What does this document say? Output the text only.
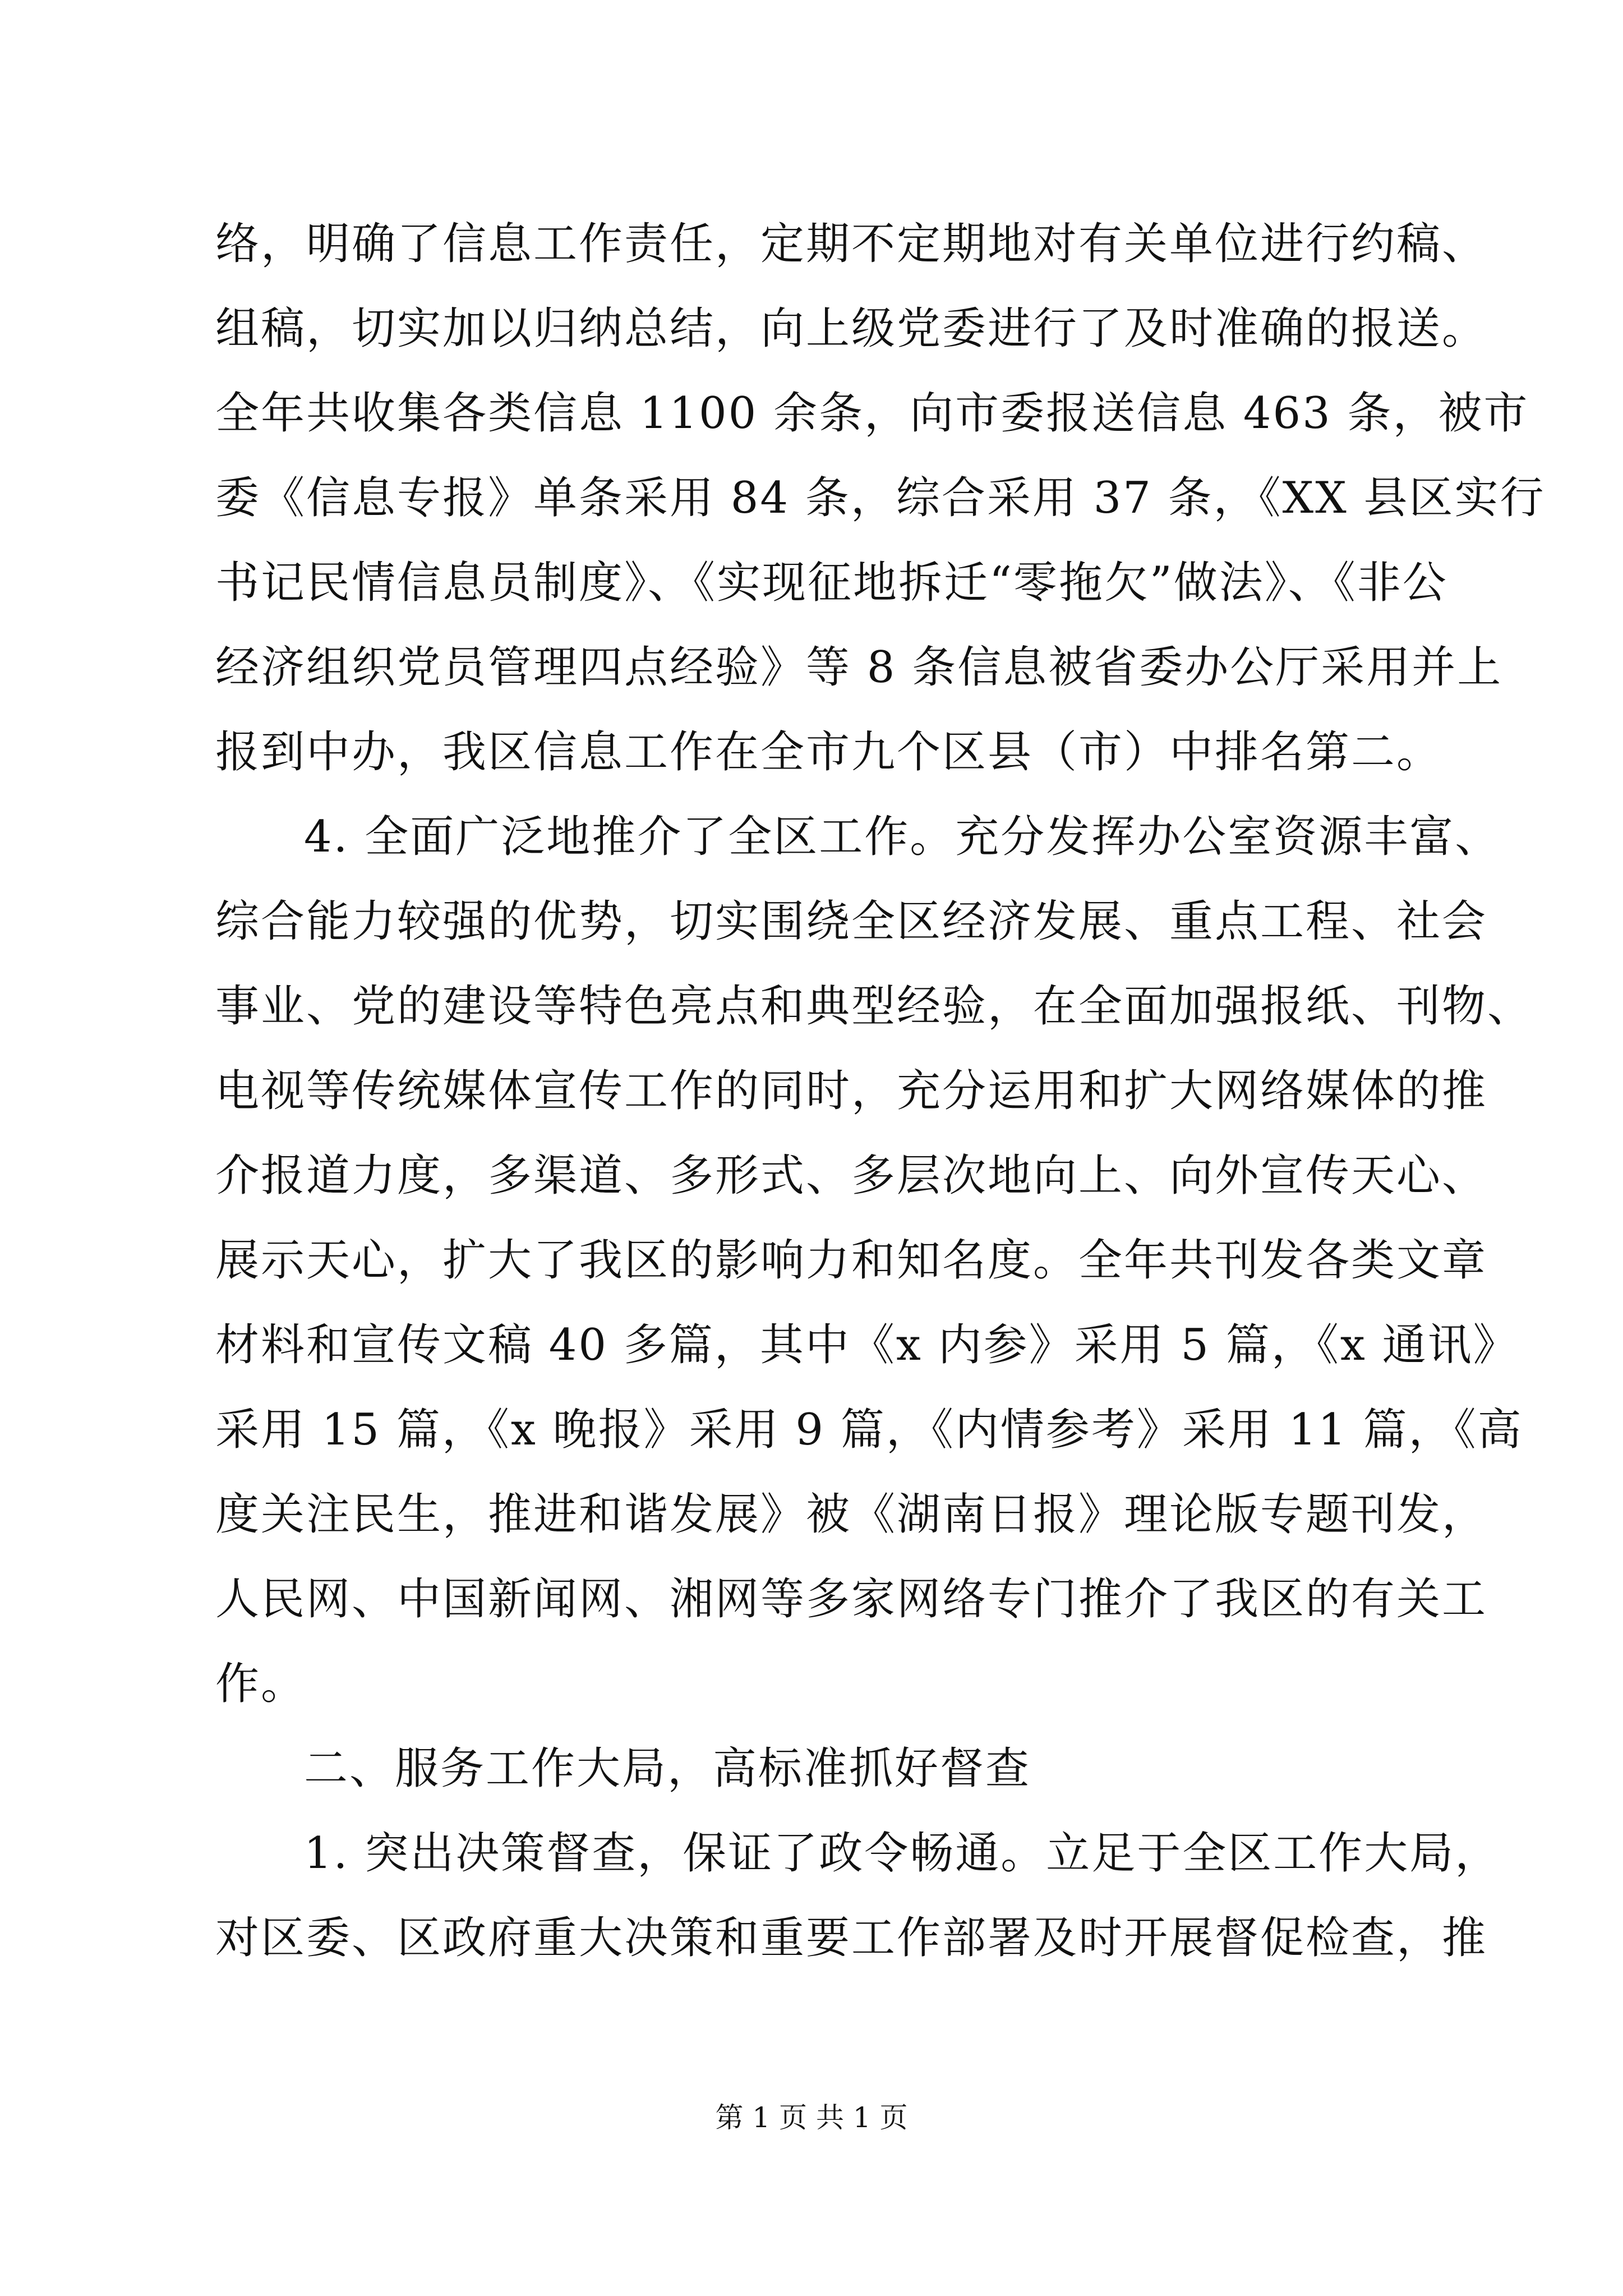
络，明确了信息工作责任，定期不定期地对有关单位进行约稿、
组稿，切实加以归纳总结，向上级党委进行了及时准确的报送。
全年共收集各类信息 1100 余条，向市委报送信息 463 条，被市
委《信息专报》单条采用 84 条，综合采用 37 条，《XX 县区实行
书记民情信息员制度》、《实现征地拆迁“零拖欠”做法》、《非公
经济组织党员管理四点经验》等 8 条信息被省委办公厅采用并上
报到中办，我区信息工作在全市九个区县（市）中排名第二。
4. 全面广泛地推介了全区工作。充分发挥办公室资源丰富、
综合能力较强的优势，切实围绕全区经济发展、重点工程、社会
事业、党的建设等特色亮点和典型经验，在全面加强报纸、刊物、
电视等传统媒体宣传工作的同时，充分运用和扩大网络媒体的推
介报道力度，多渠道、多形式、多层次地向上、向外宣传天心、
展示天心，扩大了我区的影响力和知名度。全年共刊发各类文章
材料和宣传文稿 40 多篇，其中《x 内参》采用 5 篇，《x 通讯》
采用 15 篇，《x 晚报》采用 9 篇，《内情参考》采用 11 篇，《高
度关注民生，推进和谐发展》被《湖南日报》理论版专题刊发，
人民网、中国新闻网、湘网等多家网络专门推介了我区的有关工
作。
二、服务工作大局，高标准抓好督查
1. 突出决策督查，保证了政令畅通。立足于全区工作大局，
对区委、区政府重大决策和重要工作部署及时开展督促检查，推
第 1 页 共 1 页
